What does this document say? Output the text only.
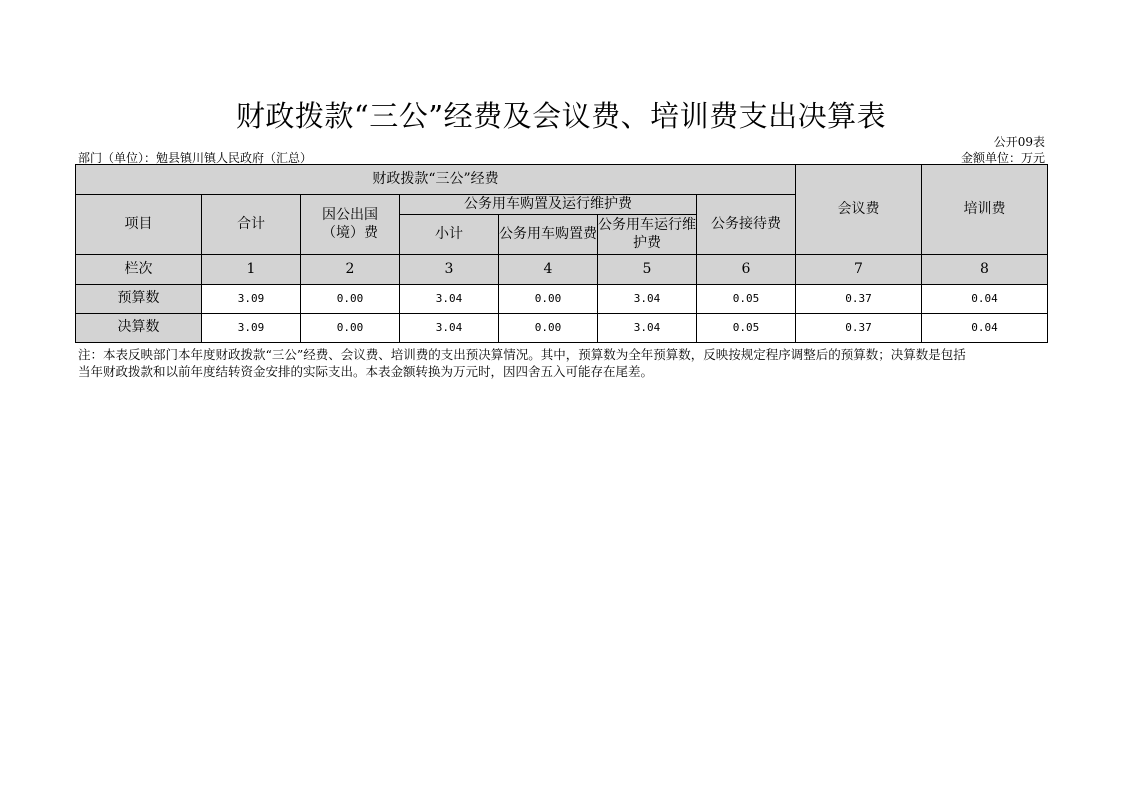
财政拨款“三公”经费及会议费、培训费支出决算表
公开09表
部门（单位）：勉县镇川镇人民政府（汇总）	金额单位：万元
财政拨款“三公”经费							会议费	培训费
项目	合计	因公出国（境）费	公务用车购置及运行维护费			公务接待费		
			小计	公务用车购置费	公务用车运行维护费			
栏次	1	2	3	4	5	6	7	8
预算数	3.09	0.00	3.04	0.00	3.04	0.05	0.37	0.04
决算数	3.09	0.00	3.04	0.00	3.04	0.05	0.37	0.04
注：本表反映部门本年度财政拨款“三公”经费、会议费、培训费的支出预决算情况。其中，预算数为全年预算数，反映按规定程序调整后的预算数；决算数是包括
当年财政拨款和以前年度结转资金安排的实际支出。本表金额转换为万元时，因四舍五入可能存在尾差。
